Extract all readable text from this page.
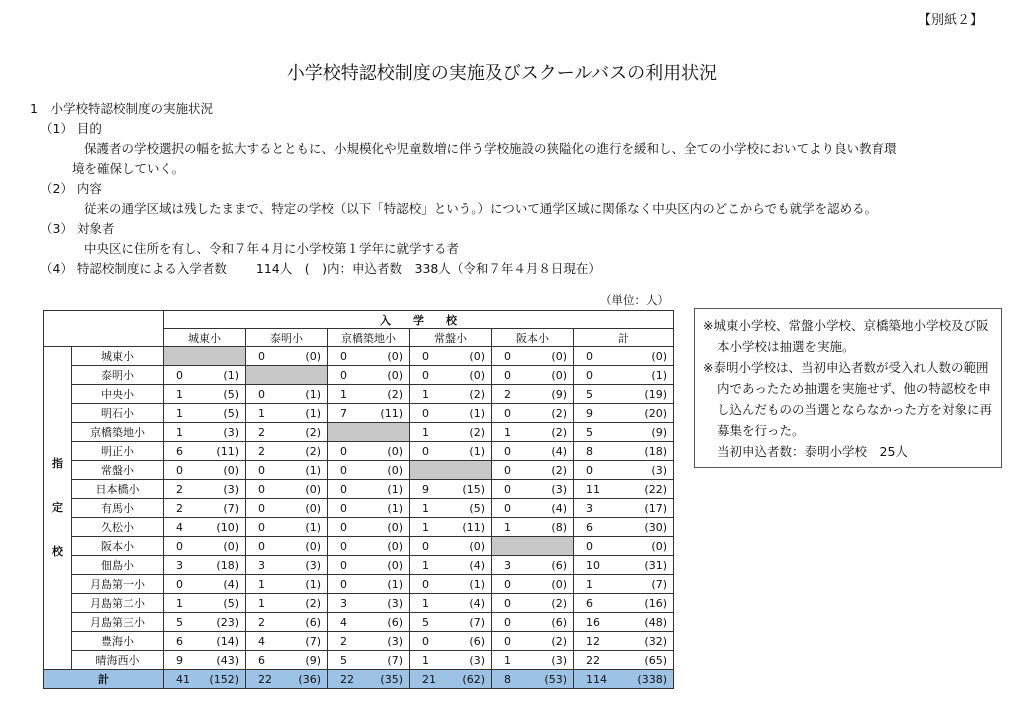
【別紙２】
小学校特認校制度の実施及びスクールバスの利用状況
1　小学校特認校制度の実施状況
（1） 目的
保護者の学校選択の幅を拡大するとともに、小規模化や児童数増に伴う学校施設の狭隘化の進行を緩和し、全ての小学校においてより良い教育環
境を確保していく。
（2） 内容
従来の通学区域は残したままで、特定の学校（以下「特認校」という。）について通学区域に関係なく中央区内のどこからでも就学を認める。
（3） 対象者
中央区に住所を有し、令和７年４月に小学校第１学年に就学する者
（4） 特認校制度による入学者数　　 114人　(　)内：申込者数　338人（令和７年４月８日現在）
（単位：人）
		入　　学　　校											
		城東小		泰明小		京橋築地小		常盤小		阪本小		計	

指
定
校	城東小			0	(0)	0	(0)	0	(0)	0	(0)	0	(0)
	泰明小	0	(1)			0	(0)	0	(0)	0	(0)	0	(1)
	中央小	1	(5)	0	(1)	1	(2)	1	(2)	2	(9)	5	(19)
	明石小	1	(5)	1	(1)	7	(11)	0	(1)	0	(2)	9	(20)
	京橋築地小	1	(3)	2	(2)			1	(2)	1	(2)	5	(9)
	明正小	6	(11)	2	(2)	0	(0)	0	(1)	0	(4)	8	(18)
	常盤小	0	(0)	0	(1)	0	(0)			0	(2)	0	(3)
	日本橋小	2	(3)	0	(0)	0	(1)	9	(15)	0	(3)	11	(22)
	有馬小	2	(7)	0	(0)	0	(1)	1	(5)	0	(4)	3	(17)
	久松小	4	(10)	0	(1)	0	(0)	1	(11)	1	(8)	6	(30)
	阪本小	0	(0)	0	(0)	0	(0)	0	(0)			0	(0)
	佃島小	3	(18)	3	(3)	0	(0)	1	(4)	3	(6)	10	(31)
	月島第一小	0	(4)	1	(1)	0	(1)	0	(1)	0	(0)	1	(7)
	月島第二小	1	(5)	1	(2)	3	(3)	1	(4)	0	(2)	6	(16)
	月島第三小	5	(23)	2	(6)	4	(6)	5	(7)	0	(6)	16	(48)
	豊海小	6	(14)	4	(7)	2	(3)	0	(6)	0	(2)	12	(32)
	晴海西小	9	(43)	6	(9)	5	(7)	1	(3)	1	(3)	22	(65)
計		41	(152)	22	(36)	22	(35)	21	(62)	8	(53)	114	(338)
※城東小学校、常盤小学校、京橋築地小学校及び阪本小学校は抽選を実施。
※泰明小学校は、当初申込者数が受入れ人数の範囲内であったため抽選を実施せず、他の特認校を申し込んだものの当選とならなかった方を対象に再募集を行った。
当初申込者数：泰明小学校　25人
